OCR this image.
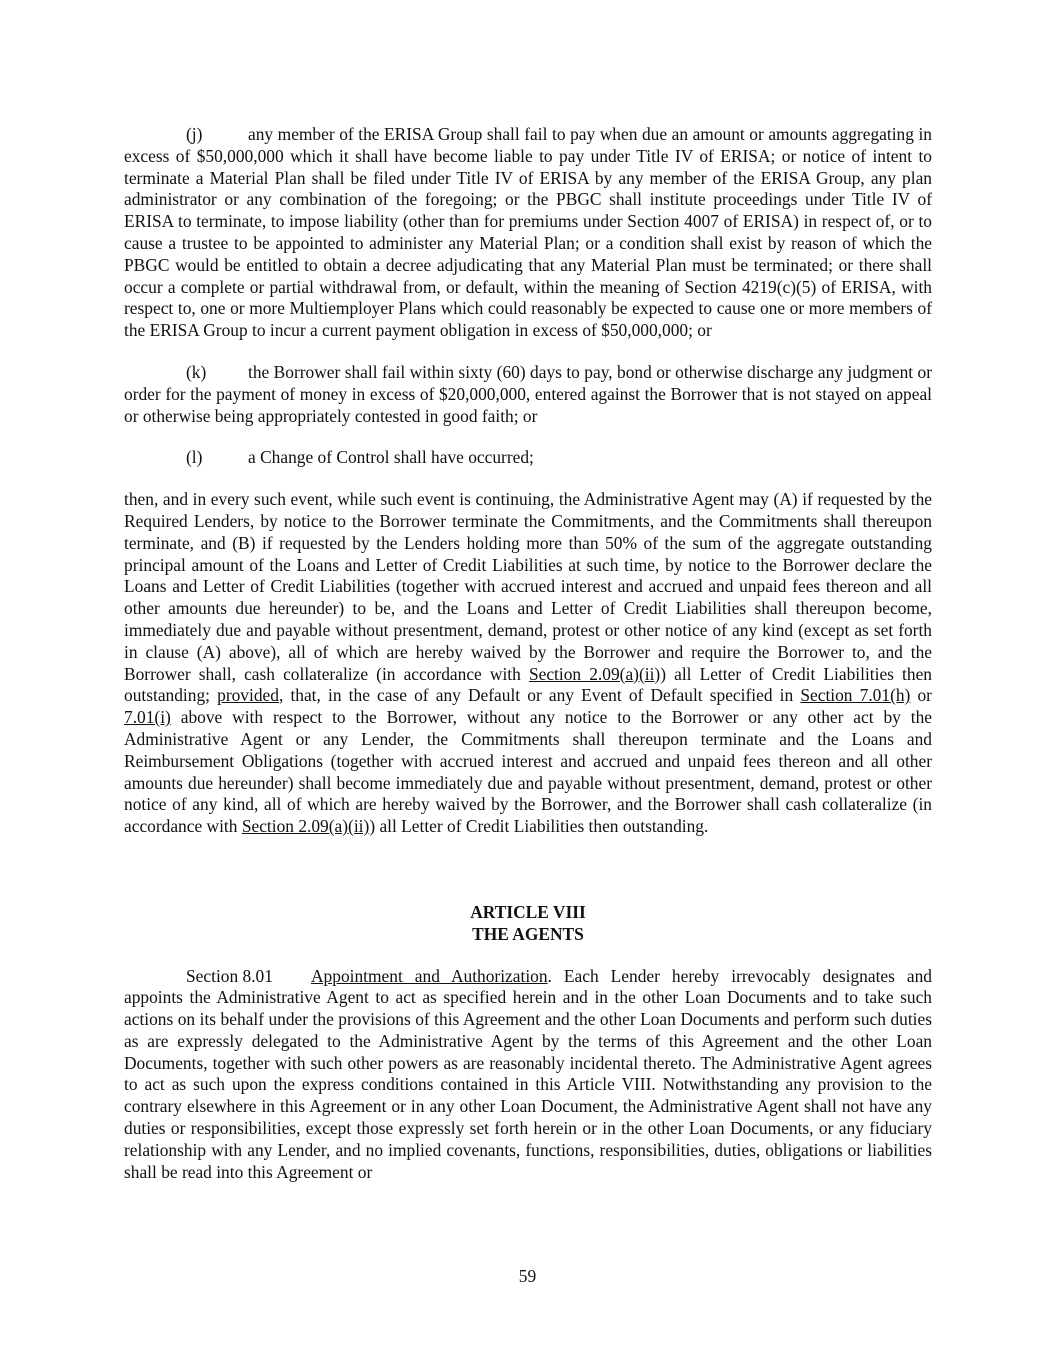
(j)	any member of the ERISA Group shall fail to pay when due an amount or amounts aggregating in excess of $50,000,000 which it shall have become liable to pay under Title IV of ERISA; or notice of intent to terminate a Material Plan shall be filed under Title IV of ERISA by any member of the ERISA Group, any plan administrator or any combination of the foregoing; or the PBGC shall institute proceedings under Title IV of ERISA to terminate, to impose liability (other than for premiums under Section 4007 of ERISA) in respect of, or to cause a trustee to be appointed to administer any Material Plan; or a condition shall exist by reason of which the PBGC would be entitled to obtain a decree adjudicating that any Material Plan must be terminated; or there shall occur a complete or partial withdrawal from, or default, within the meaning of Section 4219(c)(5) of ERISA, with respect to, one or more Multiemployer Plans which could reasonably be expected to cause one or more members of the ERISA Group to incur a current payment obligation in excess of $50,000,000; or

(k) the Borrower shall fail within sixty (60) days to pay, bond or otherwise discharge any judgment or order for the payment of money in excess of $20,000,000, entered against the Borrower that is not stayed on appeal or otherwise being appropriately contested in good faith; or

(l)	a Change of Control shall have occurred;

then, and in every such event, while such event is continuing, the Administrative Agent may (A) if requested by the Required Lenders, by notice to the Borrower terminate the Commitments, and the Commitments shall thereupon terminate, and (B) if requested by the Lenders holding more than 50% of the sum of the aggregate outstanding principal amount of the Loans and Letter of Credit Liabilities at such time, by notice to the Borrower declare the Loans and Letter of Credit Liabilities (together with accrued interest and accrued and unpaid fees thereon and all other amounts due hereunder) to be, and the Loans and Letter of Credit Liabilities shall thereupon become, immediately due and payable without presentment, demand, protest or other notice of any kind (except as set forth in clause (A) above), all of which are hereby waived by the Borrower and require the Borrower to, and the Borrower shall, cash collateralize (in accordance with Section 2.09(a)(ii)) all Letter of Credit Liabilities then outstanding; provided, that, in the case of any Default or any Event of Default specified in Section 7.01(h) or 7.01(i) above with respect to the Borrower, without any notice to the Borrower or any other act by the Administrative Agent or any Lender, the Commitments shall thereupon terminate and the Loans and Reimbursement Obligations (together with accrued interest and accrued and unpaid fees thereon and all other amounts due hereunder) shall become immediately due and payable without presentment, demand, protest or other notice of any kind, all of which are hereby waived by the Borrower, and the Borrower shall cash collateralize (in accordance with Section 2.09(a)(ii)) all Letter of Credit Liabilities then outstanding.

ARTICLE VIII

THE AGENTS

Section 8.01 Appointment and Authorization. Each Lender hereby irrevocably designates and appoints the Administrative Agent to act as specified herein and in the other Loan Documents and to take such actions on its behalf under the provisions of this Agreement and the other Loan Documents and perform such duties as are expressly delegated to the Administrative Agent by the terms of this Agreement and the other Loan Documents, together with such other powers as are reasonably incidental thereto. The Administrative Agent agrees to act as such upon the express conditions contained in this Article VIII. Notwithstanding any provision to the contrary elsewhere in this Agreement or in any other Loan Document, the Administrative Agent shall not have any duties or responsibilities, except those expressly set forth herein or in the other Loan Documents, or any fiduciary relationship with any Lender, and no implied covenants, functions, responsibilities, duties, obligations or liabilities shall be read into this Agreement or

59
